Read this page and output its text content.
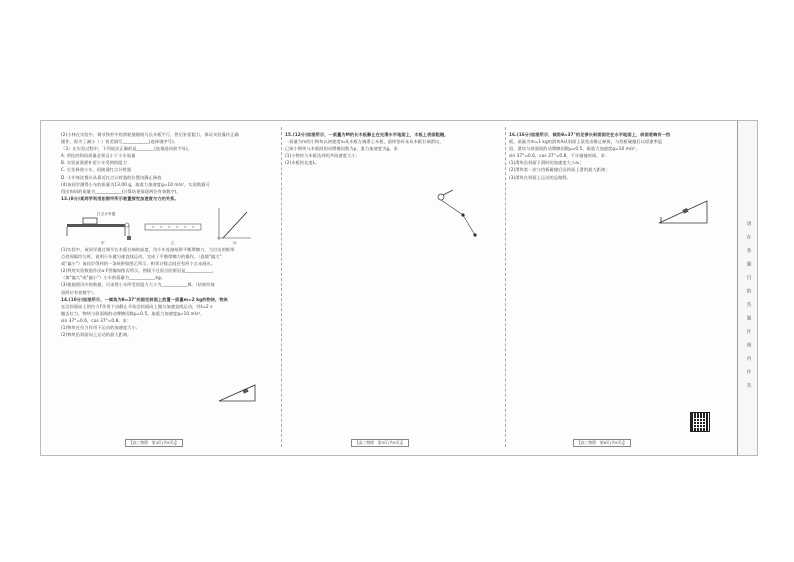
(2)小林在实验中，调节铁杆中的滑轮使细线与长木板平行，然后补偿阻力，保证实验操作正确

操作，即为了减小（ ）误差填写____________(选择填序号)。

（3）在实验过程中，下列说法正确的是________(选填选项前字母)。

A. 所挂的钩码质量必须远小于小车质量

B. 实验前需要补偿小车受到的阻力

C. 应先释放小车，再接通打点计时器

D. 小车每次都应从靠近打点计时器的位置由静止释放

(4)该同学测得小车的质量为13.00 g，取重力加速度g=10 m/s²，实验数据可

得出钩码的质量为____________(计算结果保留两位有效数字)。

13.(8分)某同学利用如图甲所示装置探究加速度与力的关系。

打点计时器
甲	乙	丙

(1)实验中，该同学通过调节长木板右端的高度，用小车连接纸带平衡摩擦力，当打出的纸带

点迹间隔均匀时，说明小车做匀速直线运动，完成了平衡摩擦力的操作。（选填"偏大"

或"偏小"）该同学得到的一条纸带如图乙所示，相邻计数点间还有四个点未画出。

(2)利用实验数据作出a-F图像如图丙所示，图线不过原点的原因是____________，

（填"偏大"或"偏小"）小车的质量为____________kg。

(3)根据图丙中的数据，可求得小车所受的阻力大小为____________N。（结果均保

留两位有效数字）。

14.(10分)如图所示，一倾角为θ=37°的固定斜面上放置一质量m=2 kg的物块，物块

在沿斜面向上的拉力F作用下由静止开始沿斜面向上做匀加速直线运动，经t=2 s

撤去拉力，物块与斜面间的动摩擦因数μ=0.5，取重力加速度g=10 m/s²，

sin 37°=0.6，cos 37°=0.8。求：

(1)物块在拉力作用下运动的加速度大小；

(2)物块沿斜面向上运动的最大距离。

【高三物理　第4页(共6页)】

15.(12分)如图所示，一质量为M的长木板静止在光滑水平地面上，木板上表面粗糙，

一质量为m的小物块以初速度v₀从木板左端滑上木板，最终恰好未从木板右端滑出，

已知小物块与木板间的动摩擦因数为μ，重力加速度为g。求：

(1)小物块与木板达到的共同速度大小；

(2)木板的长度L。

【高三物理　第5页(共6页)】

16.(16分)如图所示，倾角θ=37°的足够长斜面固定在水平地面上，斜面底端有一挡

板，质量为m=1 kg的滑块A从斜面上某处由静止释放，与挡板碰撞后以原速率返

回，滑块与斜面间的动摩擦因数μ=0.5，取重力加速度g=10 m/s²，

sin 37°=0.6，cos 37°=0.8，不计碰撞时间。求：

(1)滑块沿斜面下滑时的加速度大小a₁；

(2)滑块第一次与挡板碰撞后沿斜面上滑的最大距离；

(3)滑块在斜面上运动的总路程。

【高三物理　第6页(共6页)】
请在各题目的答题区域内作答
